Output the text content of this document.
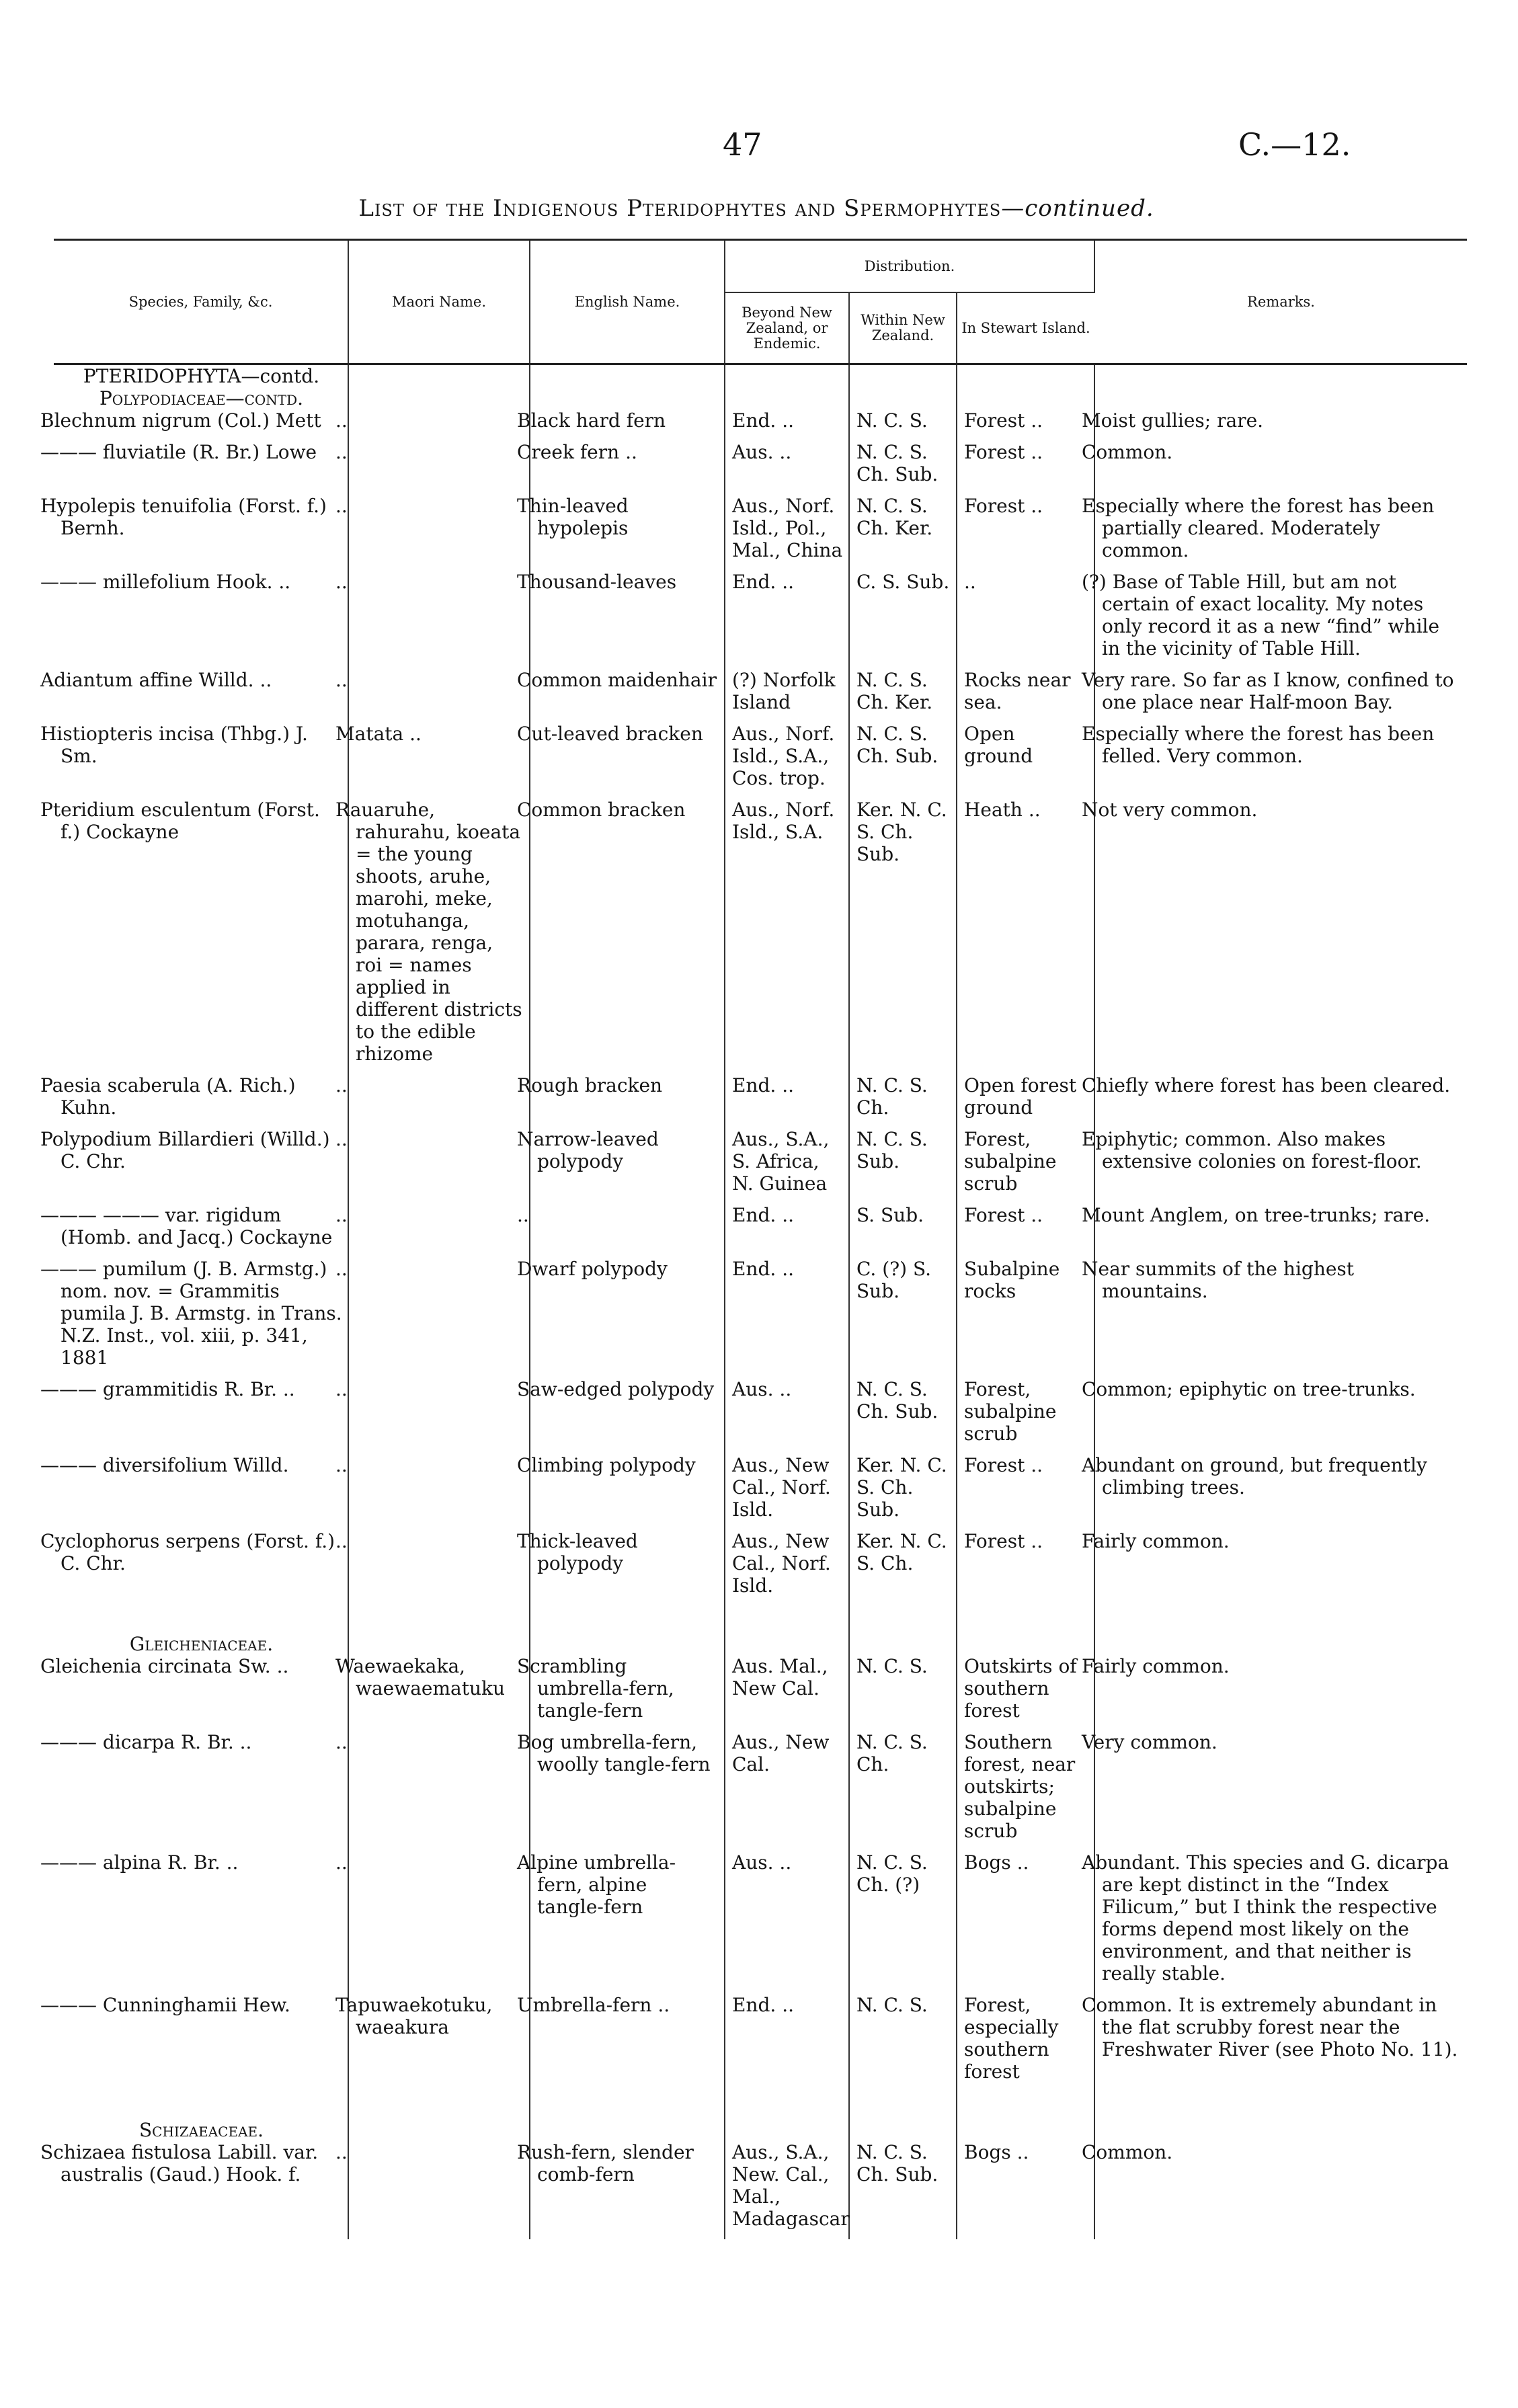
47	C.—12.
List of the Indigenous Pteridophytes and Spermophytes—continued.
Species, Family, &c.	Maori Name.	English Name.	Distribution.			Remarks.
			Beyond New Zealand, or Endemic.	Within New Zealand.	In Stewart Island.	
PTERIDOPHYTA—contd.						
Polypodiaceae—contd.						
Blechnum nigrum (Col.) Mett	..	Black hard fern	End. ..	N. C. S.	Forest ..	Moist gullies; rare.

——— fluviatile (R. Br.) Lowe	..	Creek fern ..	Aus. ..	N. C. S. Ch. Sub.	Forest ..	Common.

Hypolepis tenuifolia (Forst. f.) Bernh.	..	Thin-leaved hypolepis	Aus., Norf. Isld., Pol., Mal., China	N. C. S. Ch. Ker.	Forest ..	Especially where the forest has been partially cleared. Moderately common.

——— millefolium Hook. ..	..	Thousand-leaves	End. ..	C. S. Sub.	..	(?) Base of Table Hill, but am not certain of exact locality. My notes only record it as a new “find” while in the vicinity of Table Hill.

Adiantum affine Willd. ..	..	Common maidenhair	(?) Norfolk Island	N. C. S. Ch. Ker.	Rocks near sea.	Very rare. So far as I know, confined to one place near Half-moon Bay.

Histiopteris incisa (Thbg.) J. Sm.	Matata ..	Cut-leaved bracken	Aus., Norf. Isld., S.A., Cos. trop.	N. C. S. Ch. Sub.	Open ground	Especially where the forest has been felled. Very common.

Pteridium esculentum (Forst. f.) Cockayne	Rauaruhe, rahurahu, koeata = the young shoots, aruhe, marohi, meke, motuhanga, parara, renga, roi = names applied in different districts to the edible rhizome	Common bracken	Aus., Norf. Isld., S.A.	Ker. N. C. S. Ch. Sub.	Heath ..	Not very common.

Paesia scaberula (A. Rich.) Kuhn.	..	Rough bracken	End. ..	N. C. S. Ch.	Open forest ground	Chiefly where forest has been cleared.

Polypodium Billardieri (Willd.) C. Chr.	..	Narrow-leaved polypody	Aus., S.A., S. Africa, N. Guinea	N. C. S. Sub.	Forest, subalpine scrub	Epiphytic; common. Also makes extensive colonies on forest-floor.

——— ——— var. rigidum (Homb. and Jacq.) Cockayne	..	..	End. ..	S. Sub.	Forest ..	Mount Anglem, on tree-trunks; rare.

——— pumilum (J. B. Armstg.) nom. nov. = Grammitis pumila J. B. Armstg. in Trans. N.Z. Inst., vol. xiii, p. 341, 1881	..	Dwarf polypody	End. ..	C. (?) S. Sub.	Subalpine rocks	Near summits of the highest mountains.

——— grammitidis R. Br. ..	..	Saw-edged polypody	Aus. ..	N. C. S. Ch. Sub.	Forest, subalpine scrub	Common; epiphytic on tree-trunks.

——— diversifolium Willd.	..	Climbing polypody	Aus., New Cal., Norf. Isld.	Ker. N. C. S. Ch. Sub.	Forest ..	Abundant on ground, but frequently climbing trees.

Cyclophorus serpens (Forst. f.) C. Chr.	..	Thick-leaved polypody	Aus., New Cal., Norf. Isld.	Ker. N. C. S. Ch.	Forest ..	Fairly common.

Gleicheniaceae.						
Gleichenia circinata Sw. ..	Waewaekaka, waewaematuku	Scrambling umbrella-fern, tangle-fern	Aus. Mal., New Cal.	N. C. S.	Outskirts of southern forest	Fairly common.

——— dicarpa R. Br. ..	..	Bog umbrella-fern, woolly tangle-fern	Aus., New Cal.	N. C. S. Ch.	Southern forest, near outskirts; subalpine scrub	Very common.

——— alpina R. Br. ..	..	Alpine umbrella-fern, alpine tangle-fern	Aus. ..	N. C. S. Ch. (?)	Bogs ..	Abundant. This species and G. dicarpa are kept distinct in the “Index Filicum,” but I think the respective forms depend most likely on the environment, and that neither is really stable.

——— Cunninghamii Hew.	Tapuwaekotuku, waeakura	Umbrella-fern ..	End. ..	N. C. S.	Forest, especially southern forest	Common. It is extremely abundant in the flat scrubby forest near the Freshwater River (see Photo No. 11).

Schizaeaceae.						
Schizaea fistulosa Labill. var. australis (Gaud.) Hook. f.	..	Rush-fern, slender comb-fern	Aus., S.A., New. Cal., Mal., Madagascar	N. C. S. Ch. Sub.	Bogs ..	Common.
